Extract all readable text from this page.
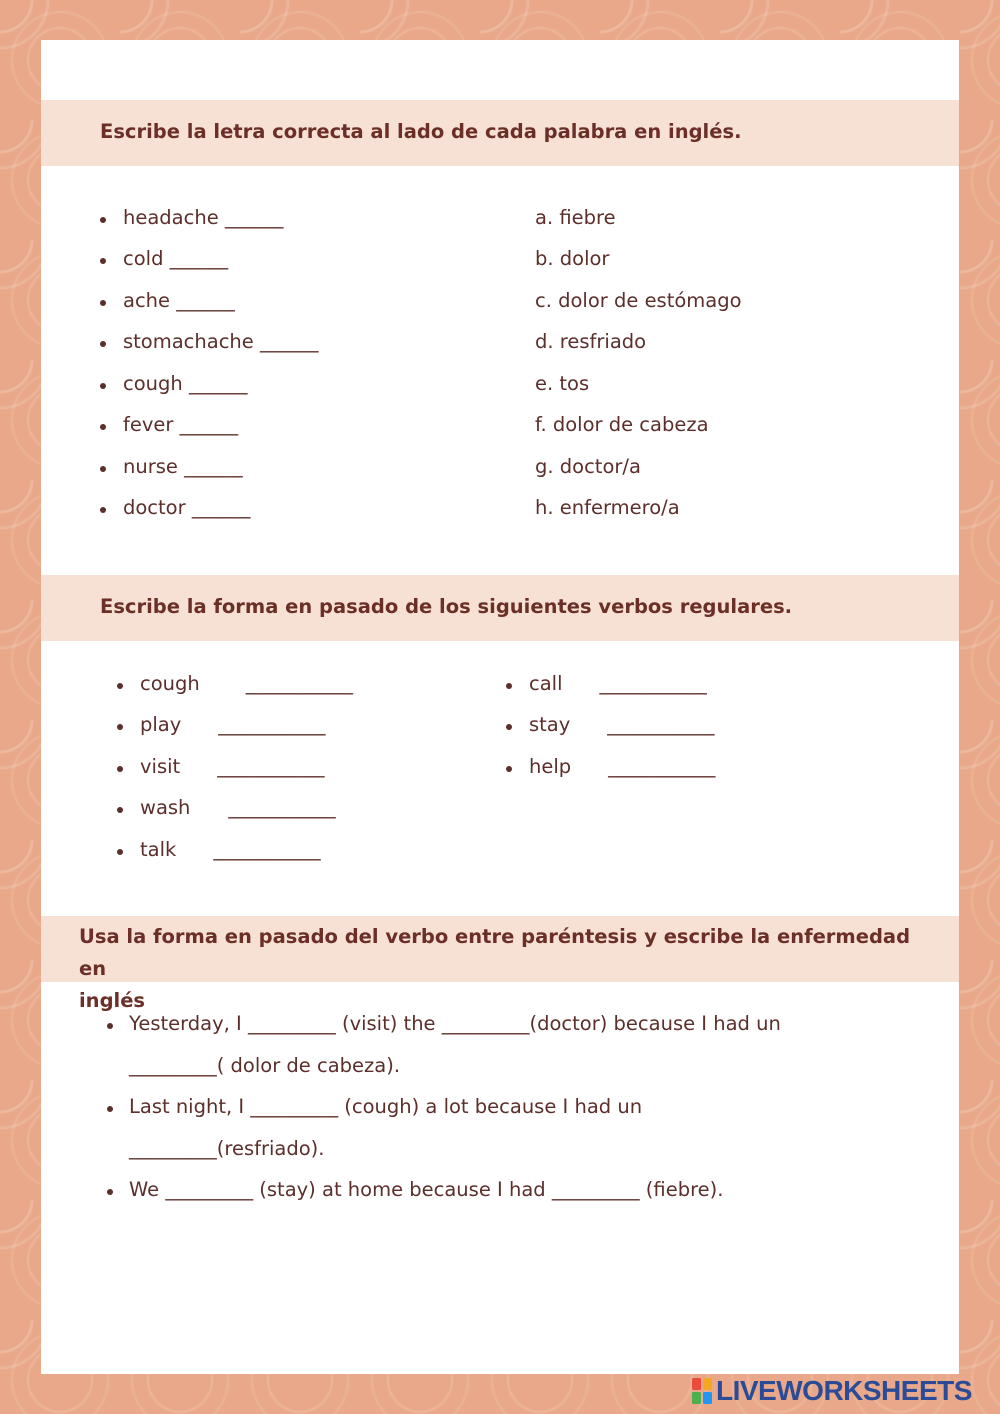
Escribe la letra correcta al lado de cada palabra en inglés.
headache ______
cold ______
ache ______
stomachache ______
cough ______
fever ______
nurse ______
doctor ______
a. fiebre
b. dolor
c. dolor de estómago
d. resfriado
e. tos
f. dolor de cabeza
g. doctor/a
h. enfermero/a
Escribe la forma en pasado de los siguientes verbos regulares.
cough ___________
play ___________
visit ___________
wash ___________
talk ___________
call ___________
stay ___________
help ___________
Usa la forma en pasado del verbo entre paréntesis y escribe la enfermedad en
inglés
Yesterday, I _________ (visit) the _________(doctor) because I had un
_________( dolor de cabeza).
Last night, I _________ (cough) a lot because I had un
_________(resfriado).
We _________ (stay) at home because I had _________ (fiebre).
LIVEWORKSHEETS
